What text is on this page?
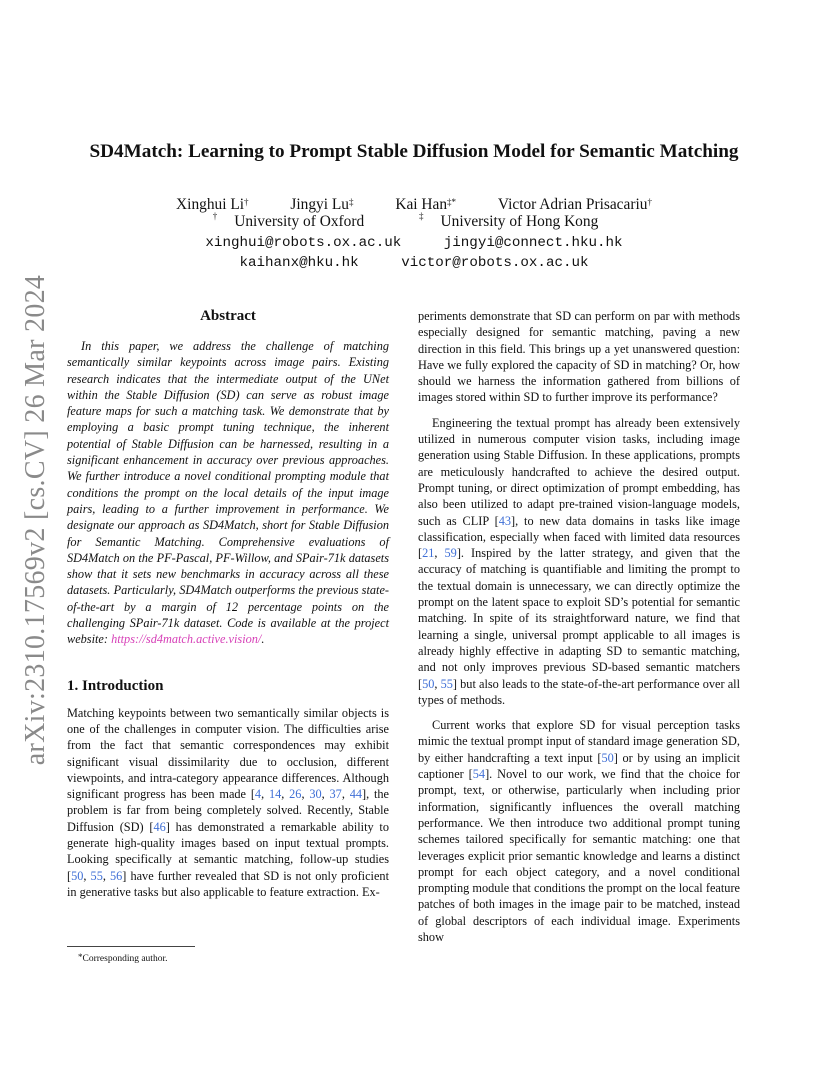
arXiv:2310.17569v2 [cs.CV] 26 Mar 2024
SD4Match: Learning to Prompt Stable Diffusion Model for Semantic Matching
Xinghui Li†	Jingyi Lu‡	Kai Han‡*	Victor Adrian Prisacariu†
† University of Oxford	‡ University of Hong Kong
xinghui@robots.ox.ac.uk	jingyi@connect.hku.hk
kaihanx@hku.hk	victor@robots.ox.ac.uk
Abstract

In this paper, we address the challenge of matching semantically similar keypoints across image pairs. Existing research indicates that the intermediate output of the UNet within the Stable Diffusion (SD) can serve as robust image feature maps for such a matching task. We demonstrate that by employing a basic prompt tuning technique, the inherent potential of Stable Diffusion can be harnessed, resulting in a significant enhancement in accuracy over previous approaches. We further introduce a novel conditional prompting module that conditions the prompt on the local details of the input image pairs, leading to a further improvement in performance. We designate our approach as SD4Match, short for Stable Diffusion for Semantic Matching. Comprehensive evaluations of SD4Match on the PF-Pascal, PF-Willow, and SPair-71k datasets show that it sets new benchmarks in accuracy across all these datasets. Particularly, SD4Match outperforms the previous state-of-the-art by a margin of 12 percentage points on the challenging SPair-71k dataset. Code is available at the project website: https://sd4match.active.vision/.

1. Introduction

Matching keypoints between two semantically similar objects is one of the challenges in computer vision. The difficulties arise from the fact that semantic correspondences may exhibit significant visual dissimilarity due to occlusion, different viewpoints, and intra-category appearance differences. Although significant progress has been made [4, 14, 26, 30, 37, 44], the problem is far from being completely solved. Recently, Stable Diffusion (SD) [46] has demonstrated a remarkable ability to generate high-quality images based on input textual prompts. Looking specifically at semantic matching, follow-up studies [50, 55, 56] have further revealed that SD is not only proficient in generative tasks but also applicable to feature extraction. Ex-

periments demonstrate that SD can perform on par with methods especially designed for semantic matching, paving a new direction in this field. This brings up a yet unanswered question: Have we fully explored the capacity of SD in matching? Or, how should we harness the information gathered from billions of images stored within SD to further improve its performance?

Engineering the textual prompt has already been extensively utilized in numerous computer vision tasks, including image generation using Stable Diffusion. In these applications, prompts are meticulously handcrafted to achieve the desired output. Prompt tuning, or direct optimization of prompt embedding, has also been utilized to adapt pre-trained vision-language models, such as CLIP [43], to new data domains in tasks like image classification, especially when faced with limited data resources [21, 59]. Inspired by the latter strategy, and given that the accuracy of matching is quantifiable and limiting the prompt to the textual domain is unnecessary, we can directly optimize the prompt on the latent space to exploit SD’s potential for semantic matching. In spite of its straightforward nature, we find that learning a single, universal prompt applicable to all images is already highly effective in adapting SD to semantic matching, and not only improves previous SD-based semantic matchers [50, 55] but also leads to the state-of-the-art performance over all types of methods.

Current works that explore SD for visual perception tasks mimic the textual prompt input of standard image generation SD, by either handcrafting a text input [50] or by using an implicit captioner [54]. Novel to our work, we find that the choice for prompt, text, or otherwise, particularly when including prior information, significantly influences the overall matching performance. We then introduce two additional prompt tuning schemes tailored specifically for semantic matching: one that leverages explicit prior semantic knowledge and learns a distinct prompt for each object category, and a novel conditional prompting module that conditions the prompt on the local feature patches of both images in the image pair to be matched, instead of global descriptors of each individual image. Experiments show

*Corresponding author.
